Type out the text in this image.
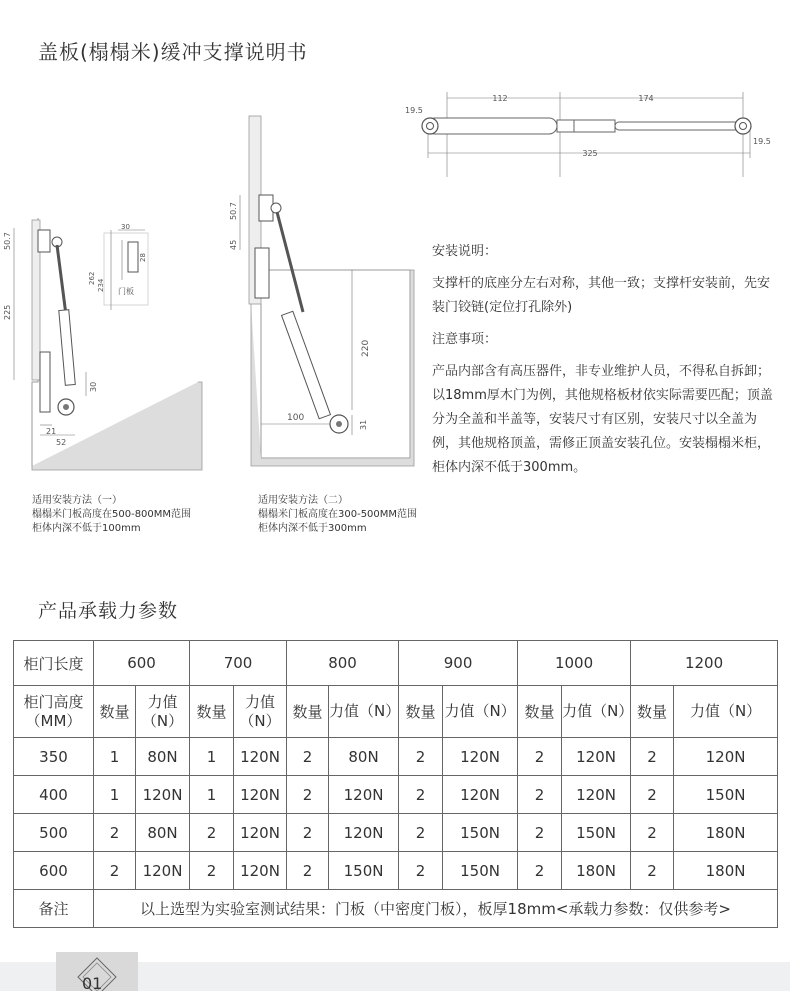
盖板(榻榻米)缓冲支撑说明书
19.5
112	174
19.5
325
50.7
225
30
21
52
30
262
234
28
门板
50.7
45
220
100
31
适用安装方法（一）
榻榻米门板高度在500-800MM范围
柜体内深不低于100mm
适用安装方法（二）
榻榻米门板高度在300-500MM范围
柜体内深不低于300mm

安装说明：

支撑杆的底座分左右对称，其他一致；支撑杆安装前，先安装门铰链(定位打孔除外)

注意事项：

产品内部含有高压器件，非专业维护人员，不得私自拆卸；以18mm厚木门为例，其他规格板材依实际需要匹配；顶盖分为全盖和半盖等，安装尺寸有区别，安装尺寸以全盖为例，其他规格顶盖，需修正顶盖安装孔位。安装榻榻米柜，柜体内深不低于300mm。

产品承载力参数
柜门长度	600		700		800		900		1000		1200	
柜门高度（MM）	数量	力值（N）	数量	力值（N）	数量	力值（N）	数量	力值（N）	数量	力值（N）	数量	力值（N）
350	1	80N	1	120N	2	80N	2	120N	2	120N	2	120N
400	1	120N	1	120N	2	120N	2	120N	2	120N	2	150N
500	2	80N	2	120N	2	120N	2	150N	2	150N	2	180N
600	2	120N	2	120N	2	150N	2	150N	2	180N	2	180N
备注	以上选型为实验室测试结果：门板（中密度门板），板厚18mm<承载力参数：仅供参考>											
01
